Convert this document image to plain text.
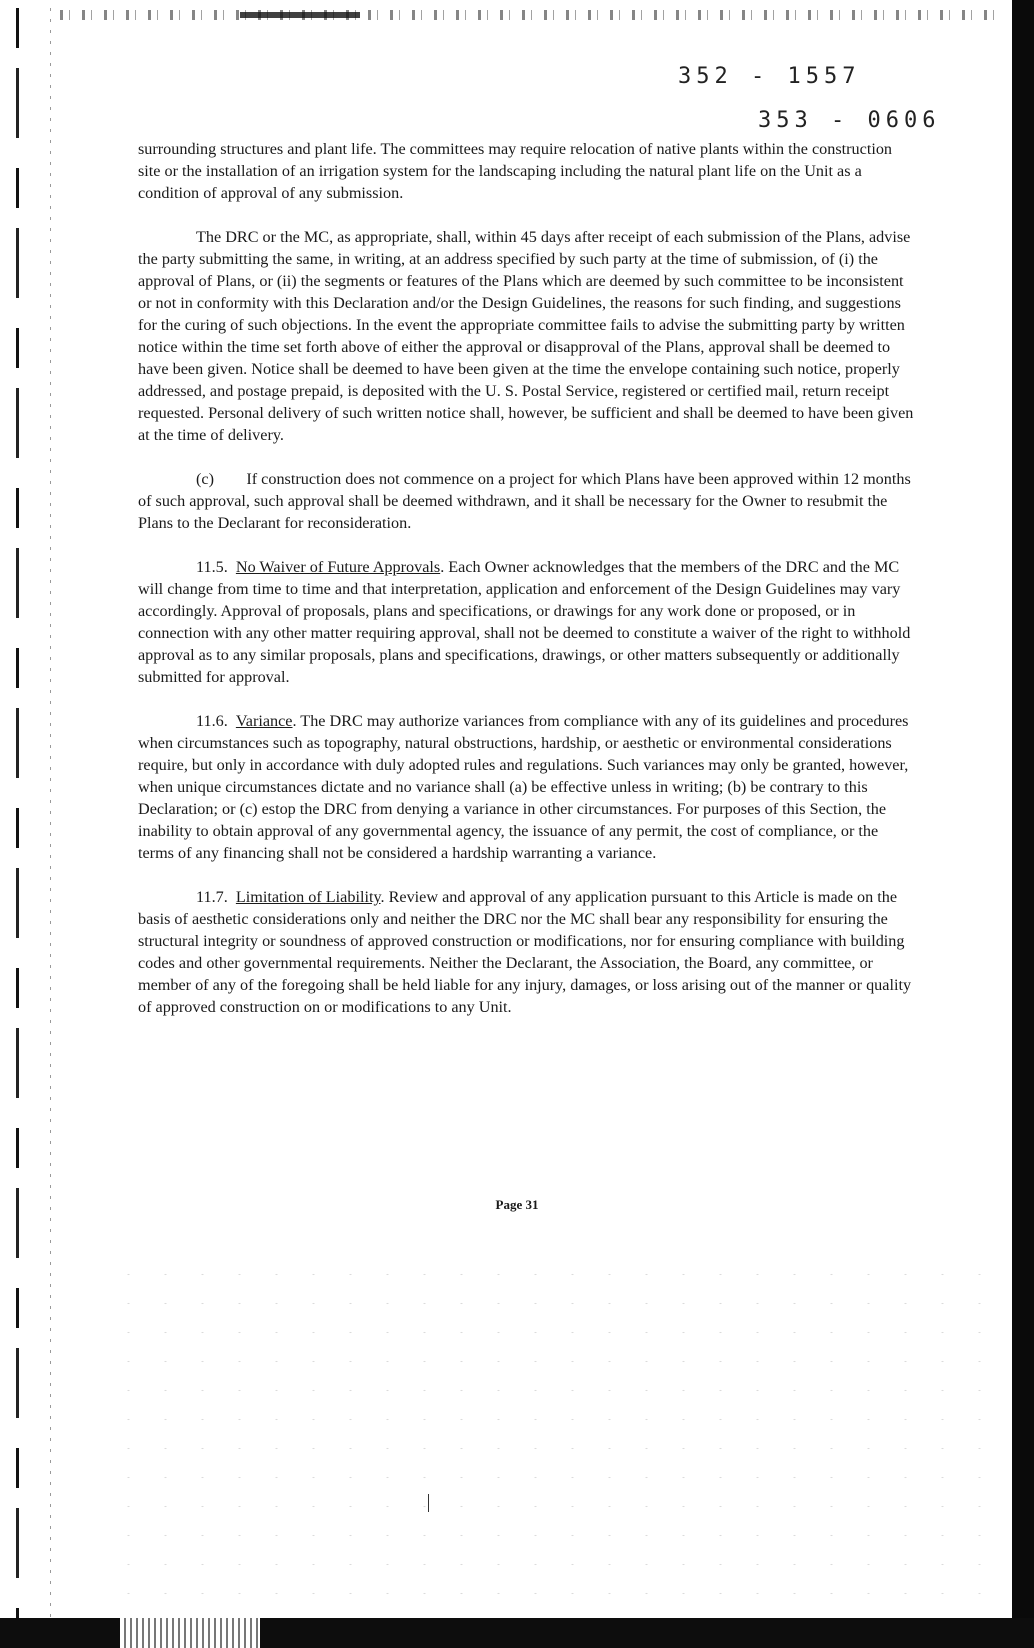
352 - 1557
353 - 0606

surrounding structures and plant life. The committees may require relocation of native plants within the construction site or the installation of an irrigation system for the landscaping including the natural plant life on the Unit as a condition of approval of any submission.

The DRC or the MC, as appropriate, shall, within 45 days after receipt of each submission of the Plans, advise the party submitting the same, in writing, at an address specified by such party at the time of submission, of (i) the approval of Plans, or (ii) the segments or features of the Plans which are deemed by such committee to be inconsistent or not in conformity with this Declaration and/or the Design Guidelines, the reasons for such finding, and suggestions for the curing of such objections. In the event the appropriate committee fails to advise the submitting party by written notice within the time set forth above of either the approval or disapproval of the Plans, approval shall be deemed to have been given. Notice shall be deemed to have been given at the time the envelope containing such notice, properly addressed, and postage prepaid, is deposited with the U. S. Postal Service, registered or certified mail, return receipt requested. Personal delivery of such written notice shall, however, be sufficient and shall be deemed to have been given at the time of delivery.

(c) If construction does not commence on a project for which Plans have been approved within 12 months of such approval, such approval shall be deemed withdrawn, and it shall be necessary for the Owner to resubmit the Plans to the Declarant for reconsideration.

11.5. No Waiver of Future Approvals. Each Owner acknowledges that the members of the DRC and the MC will change from time to time and that interpretation, application and enforcement of the Design Guidelines may vary accordingly. Approval of proposals, plans and specifications, or drawings for any work done or proposed, or in connection with any other matter requiring approval, shall not be deemed to constitute a waiver of the right to withhold approval as to any similar proposals, plans and specifications, drawings, or other matters subsequently or additionally submitted for approval.

11.6. Variance. The DRC may authorize variances from compliance with any of its guidelines and procedures when circumstances such as topography, natural obstructions, hardship, or aesthetic or environmental considerations require, but only in accordance with duly adopted rules and regulations. Such variances may only be granted, however, when unique circumstances dictate and no variance shall (a) be effective unless in writing; (b) be contrary to this Declaration; or (c) estop the DRC from denying a variance in other circumstances. For purposes of this Section, the inability to obtain approval of any governmental agency, the issuance of any permit, the cost of compliance, or the terms of any financing shall not be considered a hardship warranting a variance.

11.7. Limitation of Liability. Review and approval of any application pursuant to this Article is made on the basis of aesthetic considerations only and neither the DRC nor the MC shall bear any responsibility for ensuring the structural integrity or soundness of approved construction or modifications, nor for ensuring compliance with building codes and other governmental requirements. Neither the Declarant, the Association, the Board, any committee, or member of any of the foregoing shall be held liable for any injury, damages, or loss arising out of the manner or quality of approved construction on or modifications to any Unit.

Page 31
